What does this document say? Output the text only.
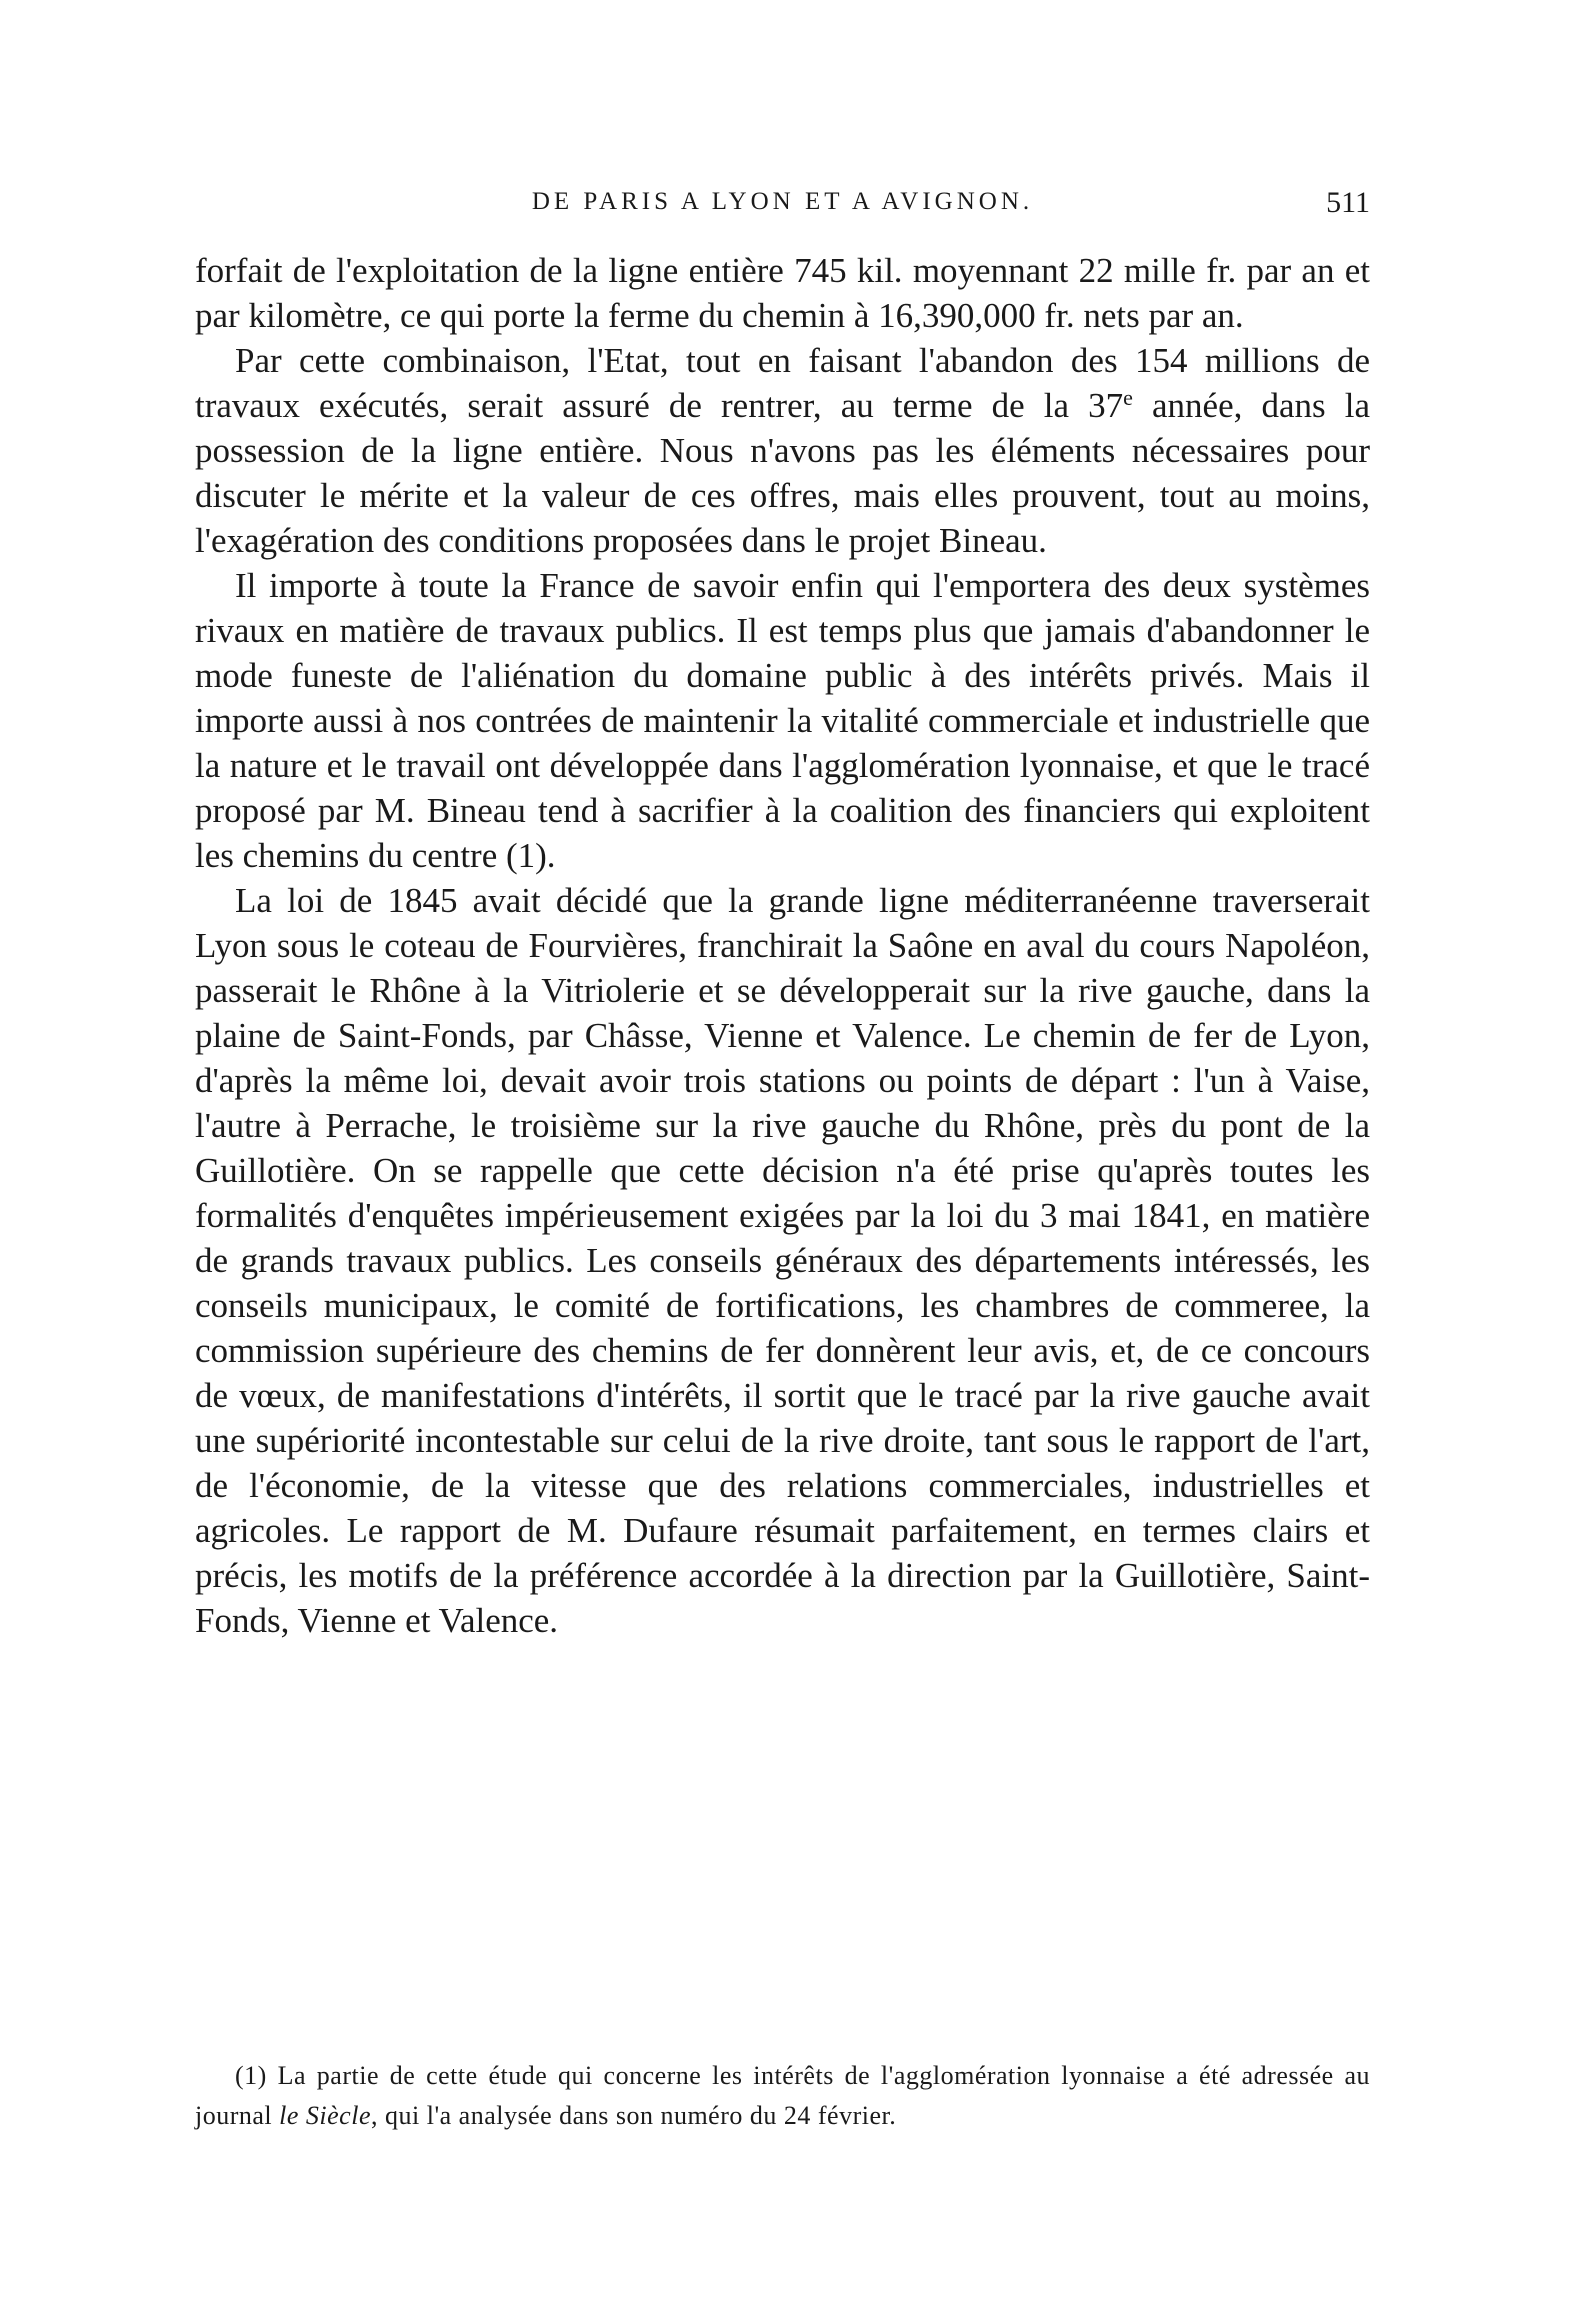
DE PARIS A LYON ET A AVIGNON.	511

forfait de l'exploitation de la ligne entière 745 kil. moyennant 22 mille fr. par an et par kilomètre, ce qui porte la ferme du chemin à 16,390,000 fr. nets par an.

Par cette combinaison, l'Etat, tout en faisant l'abandon des 154 millions de travaux exécutés, serait assuré de rentrer, au terme de la 37e année, dans la possession de la ligne entière. Nous n'avons pas les éléments nécessaires pour discuter le mérite et la valeur de ces offres, mais elles prouvent, tout au moins, l'exagération des conditions proposées dans le projet Bineau.

Il importe à toute la France de savoir enfin qui l'emportera des deux systèmes rivaux en matière de travaux publics. Il est temps plus que jamais d'abandonner le mode funeste de l'aliénation du domaine public à des intérêts privés. Mais il importe aussi à nos contrées de maintenir la vitalité commerciale et industrielle que la nature et le travail ont développée dans l'agglomération lyonnaise, et que le tracé proposé par M. Bineau tend à sacrifier à la coalition des financiers qui exploitent les chemins du centre (1).

La loi de 1845 avait décidé que la grande ligne méditerranéenne traverserait Lyon sous le coteau de Fourvières, franchirait la Saône en aval du cours Napoléon, passerait le Rhône à la Vitriolerie et se développerait sur la rive gauche, dans la plaine de Saint-Fonds, par Châsse, Vienne et Valence. Le chemin de fer de Lyon, d'après la même loi, devait avoir trois stations ou points de départ : l'un à Vaise, l'autre à Perrache, le troisième sur la rive gauche du Rhône, près du pont de la Guillotière. On se rappelle que cette décision n'a été prise qu'après toutes les formalités d'enquêtes impérieusement exigées par la loi du 3 mai 1841, en matière de grands travaux publics. Les conseils généraux des départements intéressés, les conseils municipaux, le comité de fortifications, les chambres de commeree, la commission supérieure des chemins de fer donnèrent leur avis, et, de ce concours de vœux, de manifestations d'intérêts, il sortit que le tracé par la rive gauche avait une supériorité incontestable sur celui de la rive droite, tant sous le rapport de l'art, de l'économie, de la vitesse que des relations commerciales, industrielles et agricoles. Le rapport de M. Dufaure résumait parfaitement, en termes clairs et précis, les motifs de la préférence accordée à la direction par la Guillotière, Saint-Fonds, Vienne et Valence.

(1) La partie de cette étude qui concerne les intérêts de l'agglomération lyonnaise a été adressée au journal le Siècle, qui l'a analysée dans son numéro du 24 février.
